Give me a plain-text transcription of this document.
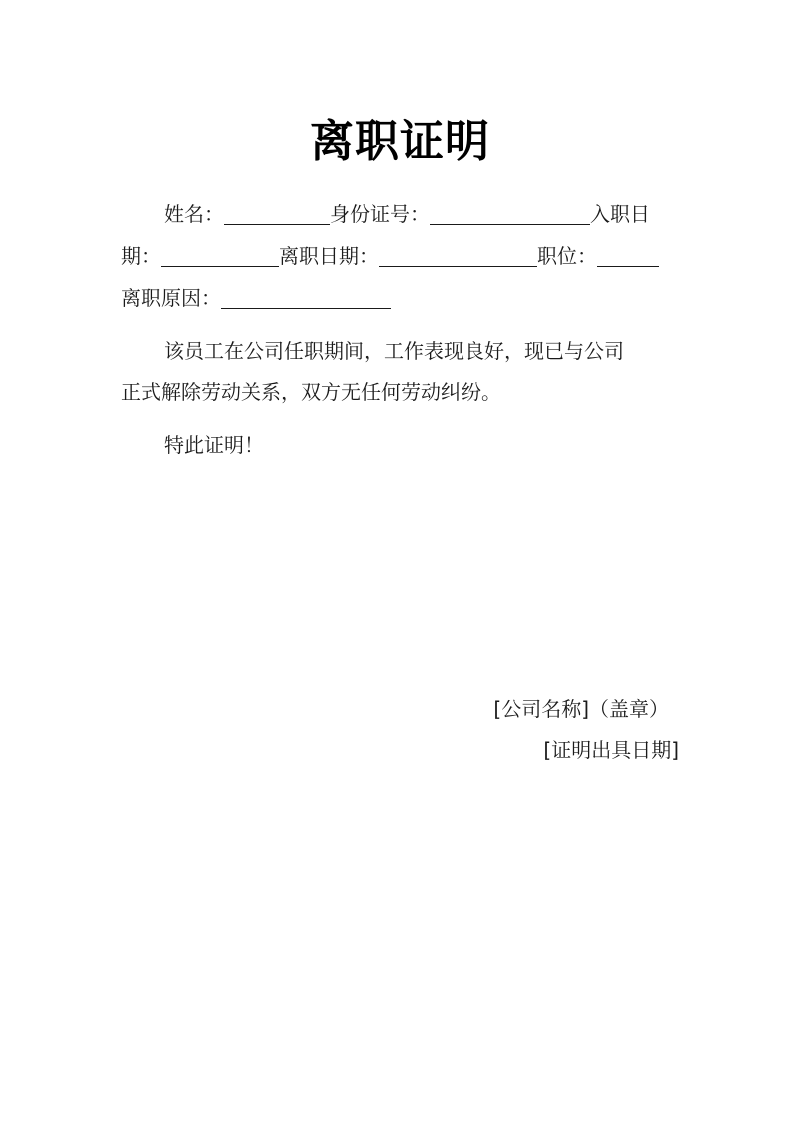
离职证明
姓名：	身份证号：	入职日
期：	离职日期：	职位：
离职原因：
该员工在公司任职期间，工作表现良好，现已与公司
正式解除劳动关系，双方无任何劳动纠纷。
特此证明！
[公司名称]（盖章）
[证明出具日期]
